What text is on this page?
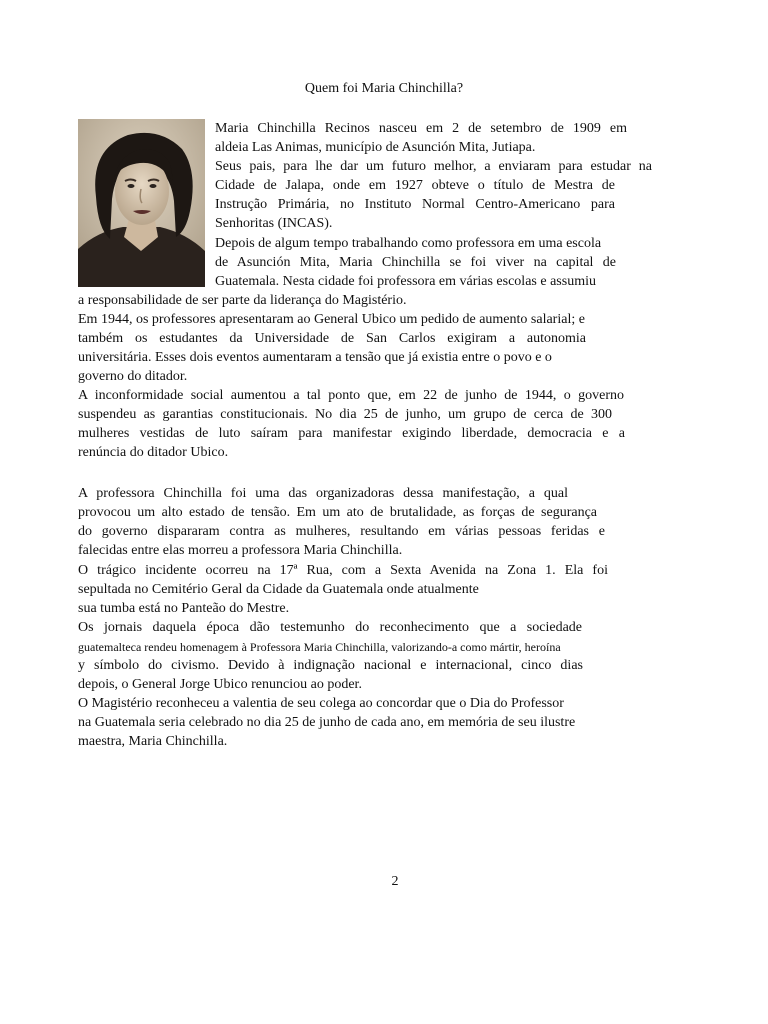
Quem foi Maria Chinchilla?
Maria Chinchilla Recinos nasceu em 2 de setembro de 1909 em
aldeia Las Animas, município de Asunción Mita, Jutiapa.
Seus pais, para lhe dar um futuro melhor, a enviaram para estudar na
Cidade de Jalapa, onde em 1927 obteve o título de Mestra de
Instrução Primária, no Instituto Normal Centro-Americano para
Senhoritas (INCAS).
Depois de algum tempo trabalhando como professora em uma escola
de Asunción Mita, Maria Chinchilla se foi viver na capital de
Guatemala. Nesta cidade foi professora em várias escolas e assumiu
a responsabilidade de ser parte da liderança do Magistério.
Em 1944, os professores apresentaram ao General Ubico um pedido de aumento salarial; e
também os estudantes da Universidade de San Carlos exigiram a autonomia
universitária. Esses dois eventos aumentaram a tensão que já existia entre o povo e o
governo do ditador.
A inconformidade social aumentou a tal ponto que, em 22 de junho de 1944, o governo
suspendeu as garantias constitucionais. No dia 25 de junho, um grupo de cerca de 300
mulheres vestidas de luto saíram para manifestar exigindo liberdade, democracia e a
renúncia do ditador Ubico.
A professora Chinchilla foi uma das organizadoras dessa manifestação, a qual
provocou um alto estado de tensão. Em um ato de brutalidade, as forças de segurança
do governo dispararam contra as mulheres, resultando em várias pessoas feridas e
falecidas entre elas morreu a professora Maria Chinchilla.
O trágico incidente ocorreu na 17ª Rua, com a Sexta Avenida na Zona 1. Ela foi
sepultada no Cemitério Geral da Cidade da Guatemala onde atualmente
sua tumba está no Panteão do Mestre.
Os jornais daquela época dão testemunho do reconhecimento que a sociedade
guatemalteca rendeu homenagem à Professora Maria Chinchilla, valorizando-a como mártir, heroína
y símbolo do civismo. Devido à indignação nacional e internacional, cinco dias
depois, o General Jorge Ubico renunciou ao poder.
O Magistério reconheceu a valentia de seu colega ao concordar que o Dia do Professor
na Guatemala seria celebrado no dia 25 de junho de cada ano, em memória de seu ilustre
maestra, Maria Chinchilla.
2
